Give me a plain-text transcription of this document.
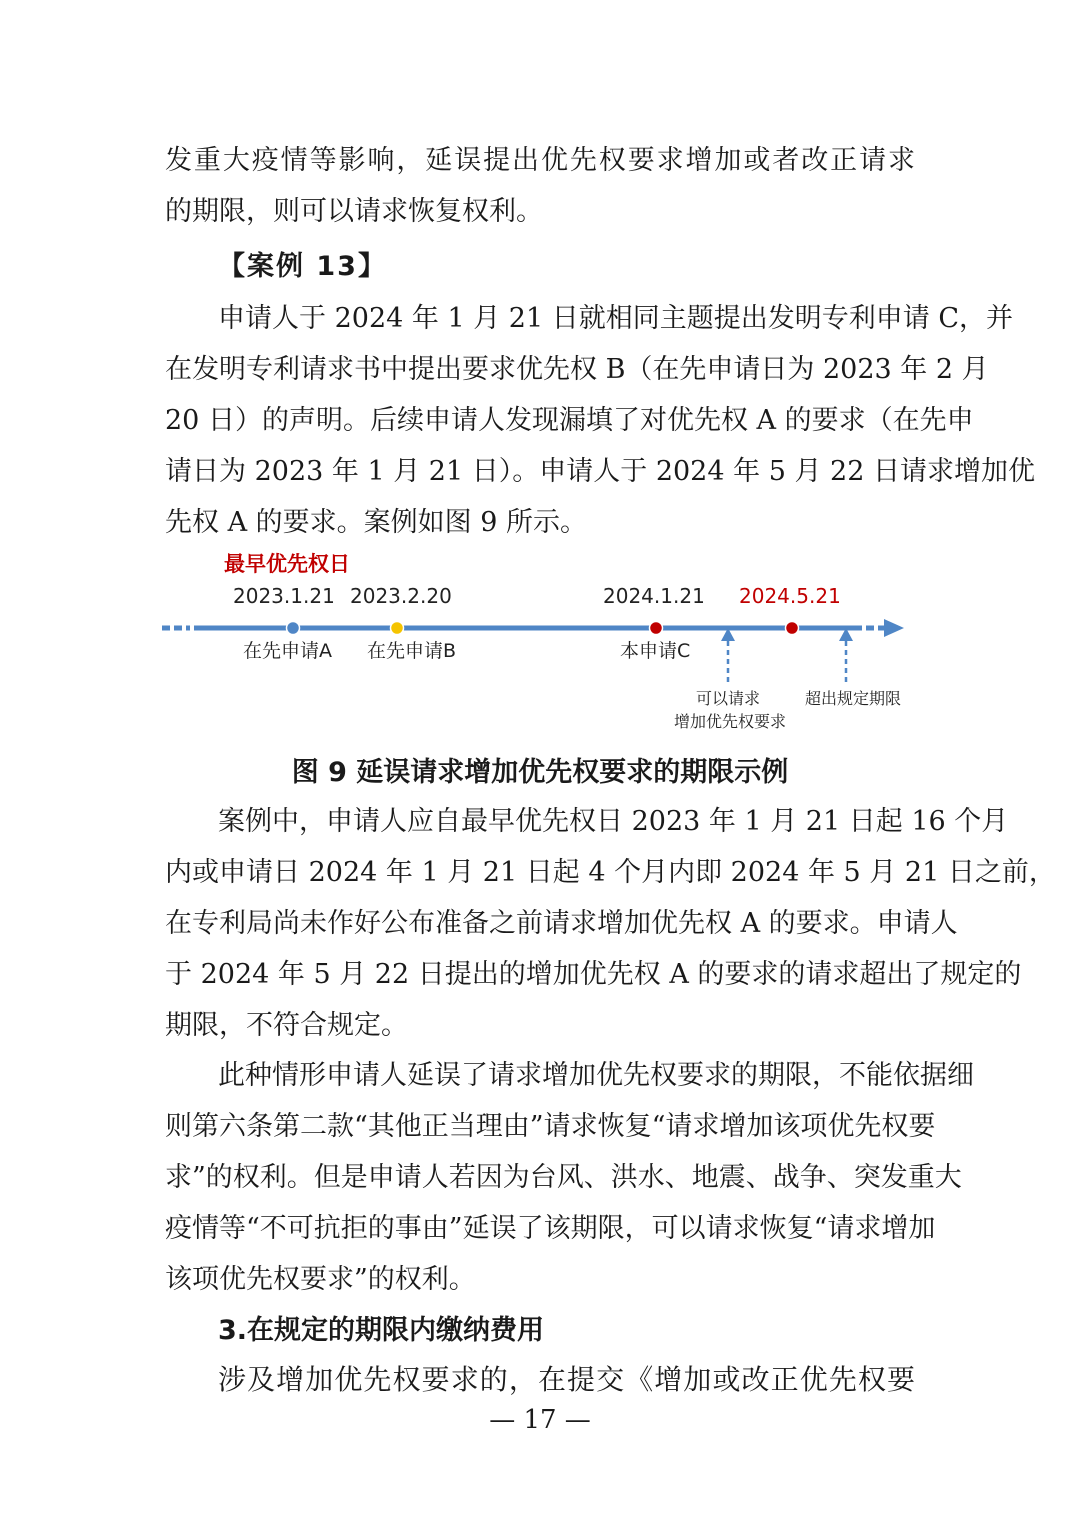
发重大疫情等影响，延误提出优先权要求增加或者改正请求
的期限，则可以请求恢复权利。
【案例 13】
申请人于 2024 年 1 月 21 日就相同主题提出发明专利申请 C，并
在发明专利请求书中提出要求优先权 B（在先申请日为 2023 年 2 月
20 日）的声明。后续申请人发现漏填了对优先权 A 的要求（在先申
请日为 2023 年 1 月 21 日）。申请人于 2024 年 5 月 22 日请求增加优
先权 A 的要求。案例如图 9 所示。
最早优先权日
2023.1.21 2023.2.20	2024.1.21 2024.5.21
在先申请A 在先申请B	本申请C
可以请求
增加优先权要求
超出规定期限
图 9 延误请求增加优先权要求的期限示例
案例中，申请人应自最早优先权日 2023 年 1 月 21 日起 16 个月
内或申请日 2024 年 1 月 21 日起 4 个月内即 2024 年 5 月 21 日之前，
在专利局尚未作好公布准备之前请求增加优先权 A 的要求。申请人
于 2024 年 5 月 22 日提出的增加优先权 A 的要求的请求超出了规定的
期限，不符合规定。
此种情形申请人延误了请求增加优先权要求的期限，不能依据细
则第六条第二款“其他正当理由”请求恢复“请求增加该项优先权要
求”的权利。但是申请人若因为台风、洪水、地震、战争、突发重大
疫情等“不可抗拒的事由”延误了该期限，可以请求恢复“请求增加
该项优先权要求”的权利。
3.在规定的期限内缴纳费用
涉及增加优先权要求的，在提交《增加或改正优先权要
— 17 —
